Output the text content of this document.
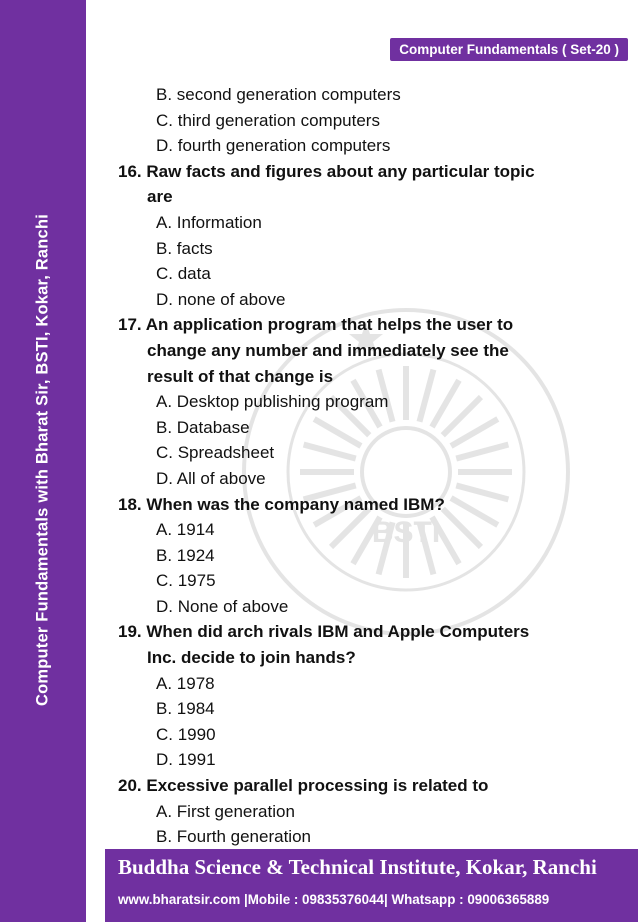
Computer Fundamentals with Bharat Sir, BSTI, Kokar, Ranchi
Computer Fundamentals ( Set-20 )
BSTI
B. second generation computers
C. third generation computers
D. fourth generation computers
16. Raw facts and figures about any particular topic
are
A. Information
B. facts
C. data
D. none of above
17. An application program that helps the user to
change any number and immediately see the
result of that change is
A. Desktop publishing program
B. Database
C. Spreadsheet
D. All of above
18. When was the company named IBM?
A. 1914
B. 1924
C. 1975
D. None of above
19. When did arch rivals IBM and Apple Computers
Inc. decide to join hands?
A. 1978
B. 1984
C. 1990
D. 1991
20. Excessive parallel processing is related to
A. First generation
B. Fourth generation
Buddha Science & Technical Institute, Kokar, Ranchi
www.bharatsir.com |Mobile : 09835376044| Whatsapp : 09006365889
